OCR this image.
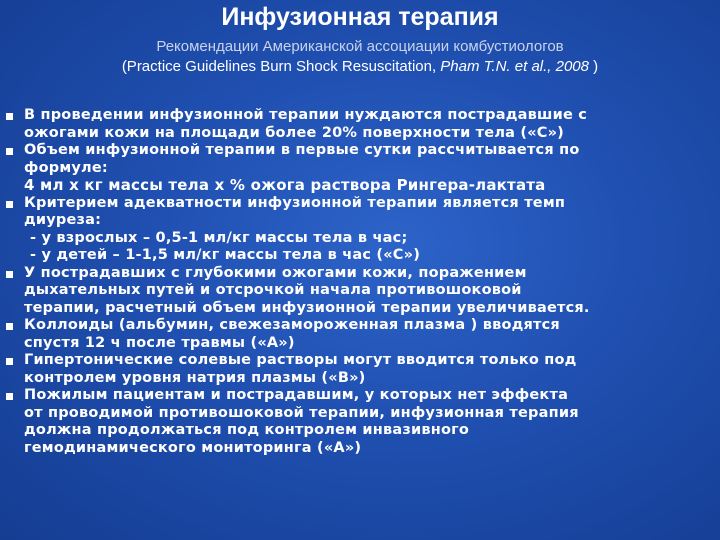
Инфузионная терапия
Рекомендации Американской ассоциации комбустиологов
(Practice Guidelines Burn Shock Resuscitation, Pham T.N. et al., 2008 )
В проведении инфузионной терапии нуждаются пострадавшие с
ожогами кожи на площади более 20% поверхности тела («С»)
Объем инфузионной терапии в первые сутки рассчитывается по
формуле:
4 мл х кг массы тела х % ожога раствора Рингера-лактата
Критерием адекватности инфузионной терапии является темп
диуреза:
- у взрослых – 0,5-1 мл/кг массы тела в час;
- у детей – 1-1,5 мл/кг массы тела в час («С»)
У пострадавших с глубокими ожогами кожи, поражением
дыхательных путей и отсрочкой начала противошоковой
терапии, расчетный объем инфузионной терапии увеличивается.
Коллоиды (альбумин, свежезамороженная плазма ) вводятся
спустя 12 ч после травмы («А»)
Гипертонические солевые растворы могут вводится только под
контролем уровня натрия плазмы («В»)
Пожилым пациентам и пострадавшим, у которых нет эффекта
от проводимой противошоковой терапии, инфузионная терапия
должна продолжаться под контролем инвазивного
гемодинамического мониторинга («А»)
